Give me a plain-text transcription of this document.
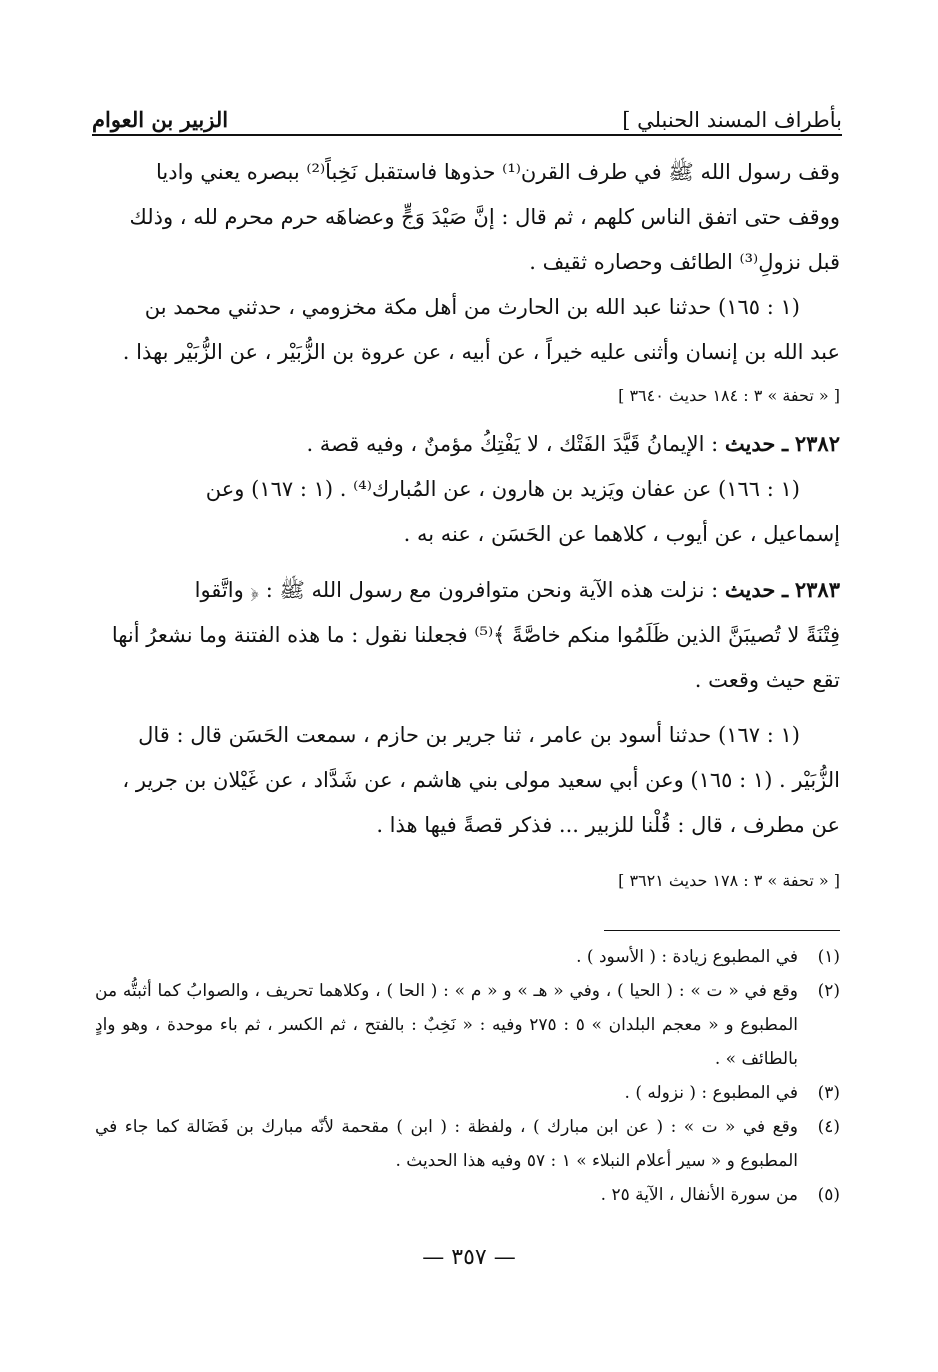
بأطراف المسند الحنبلي ]
الزبير بن العوام

وقف رسول الله ﷺ في طرف القرن⁽¹⁾ حذوها فاستقبل نَخِباً⁽²⁾ ببصره يعني واديا

ووقف حتى اتفق الناس كلهم ، ثم قال : إنَّ صَيْدَ وَجٍّ وعضاهَه حرم محرم لله ، وذلك

قبل نزولِ⁽³⁾ الطائف وحصاره ثقيف .

(١ : ١٦٥) حدثنا عبد الله بن الحارث من أهل مكة مخزومي ، حدثني محمد بن

عبد الله بن إنسان وأثنى عليه خيراً ، عن أبيه ، عن عروة بن الزُّبَيْر ، عن الزُّبَيْر بهذا .

[ « تحفة » ٣ : ١٨٤ حديث ٣٦٤٠ ]

٢٣٨٢ ـ حديث : الإيمانُ قَيَّدَ الفَتْك ، لا يَفْتِكُ مؤمنٌ ، وفيه قصة .

(١ : ١٦٦) عن عفان ويَزيد بن هارون ، عن المُبارك⁽⁴⁾ . (١ : ١٦٧) وعن

إسماعيل ، عن أيوب ، كلاهما عن الحَسَن ، عنه به .

٢٣٨٣ ـ حديث : نزلت هذه الآية ونحن متوافرون مع رسول الله ﷺ : ﴿ واتَّقوا

فِتْنَةً لا تُصيبَنَّ الذين ظَلَمُوا منكم خاصَّةً ﴾⁽⁵⁾ فجعلنا نقول : ما هذه الفتنة وما نشعرُ أنها

تقع حيث وقعت .

(١ : ١٦٧) حدثنا أسود بن عامر ، ثنا جرير بن حازم ، سمعت الحَسَن قال : قال

الزُّبَيْر . (١ : ١٦٥) وعن أبي سعيد مولى بني هاشم ، عن شَدَّاد ، عن غَيْلان بن جرير ،

عن مطرف ، قال : قُلْنا للزبير ... فذكر قصةً فيها هذا .

[ « تحفة » ٣ : ١٧٨ حديث ٣٦٢١ ]

(١)
في المطبوع زيادة : ( الأسود ) .
(٢)
وقع في « ت » : ( الحيا ) ، وفي « هـ » و « م » : ( الحا ) ، وكلاهما تحريف ، والصوابُ كما أثبتُّه من المطبوع و « معجم البلدان » ٥ : ٢٧٥ وفيه : « نَخِبٌ : بالفتح ، ثم الكسر ، ثم باء موحدة ، وهو وادٍ بالطائف » .
(٣)
في المطبوع : ( نزوله ) .
(٤)
وقع في « ت » : ( عن ابن مبارك ) ، ولفظة : ( ابن ) مقحمة لأنّه مبارك بن فَضَالة كما جاء في المطبوع و « سير أعلام النبلاء » ١ : ٥٧ وفيه هذا الحديث .
(٥)
من سورة الأنفال ، الآية ٢٥ .
— ٣٥٧ —
